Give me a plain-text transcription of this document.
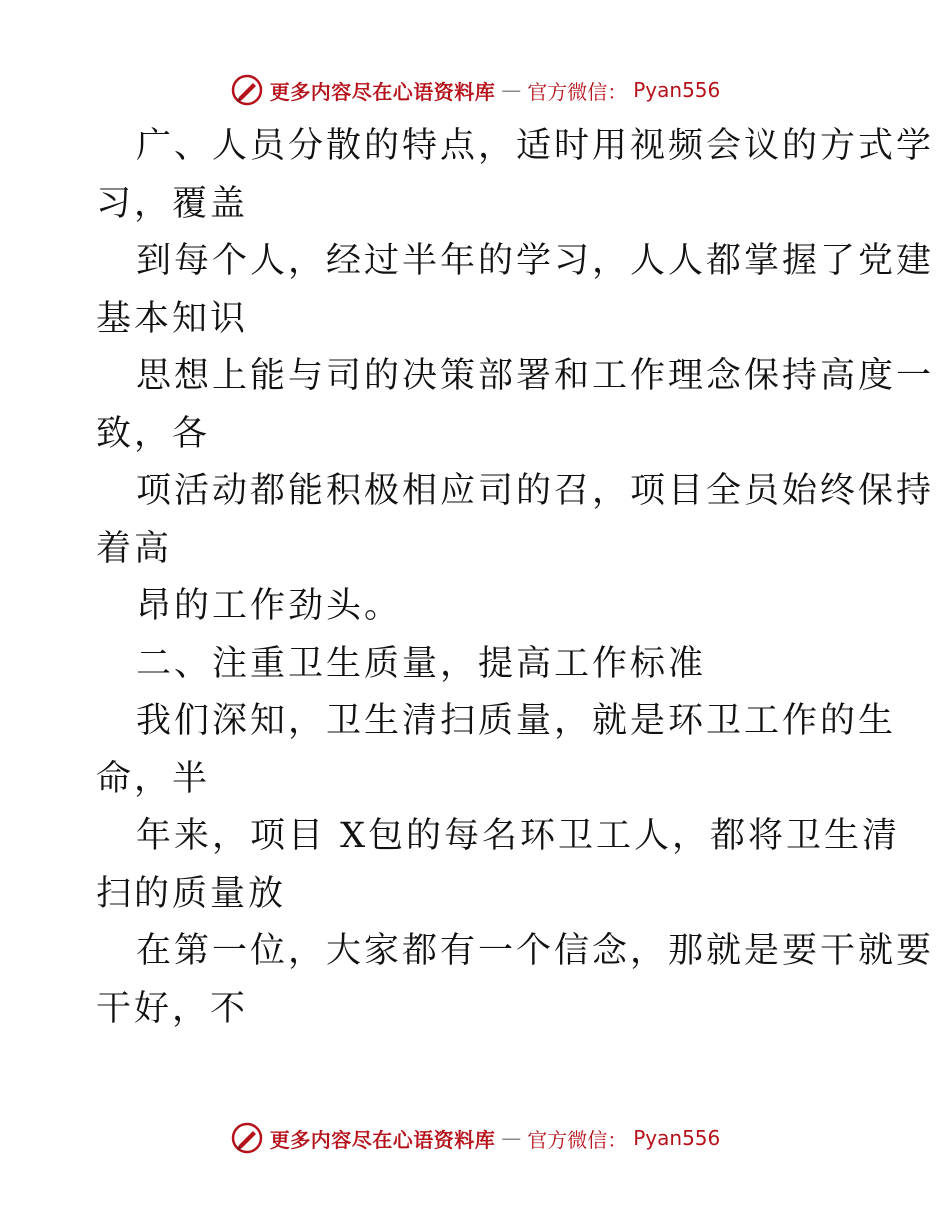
更多内容尽在心语资料库 — 官方微信： Pyan556
广、人员分散的特点，适时用视频会议的方式学
习，覆盖
到每个人，经过半年的学习，人人都掌握了党建
基本知识
思想上能与司的决策部署和工作理念保持高度一
致，各
项活动都能积极相应司的召，项目全员始终保持
着高
昂的工作劲头。
二、注重卫生质量，提高工作标准
我们深知，卫生清扫质量，就是环卫工作的生
命，半
年来，项目 X包的每名环卫工人，都将卫生清
扫的质量放
在第一位，大家都有一个信念，那就是要干就要
干好，不
更多内容尽在心语资料库 — 官方微信： Pyan556
